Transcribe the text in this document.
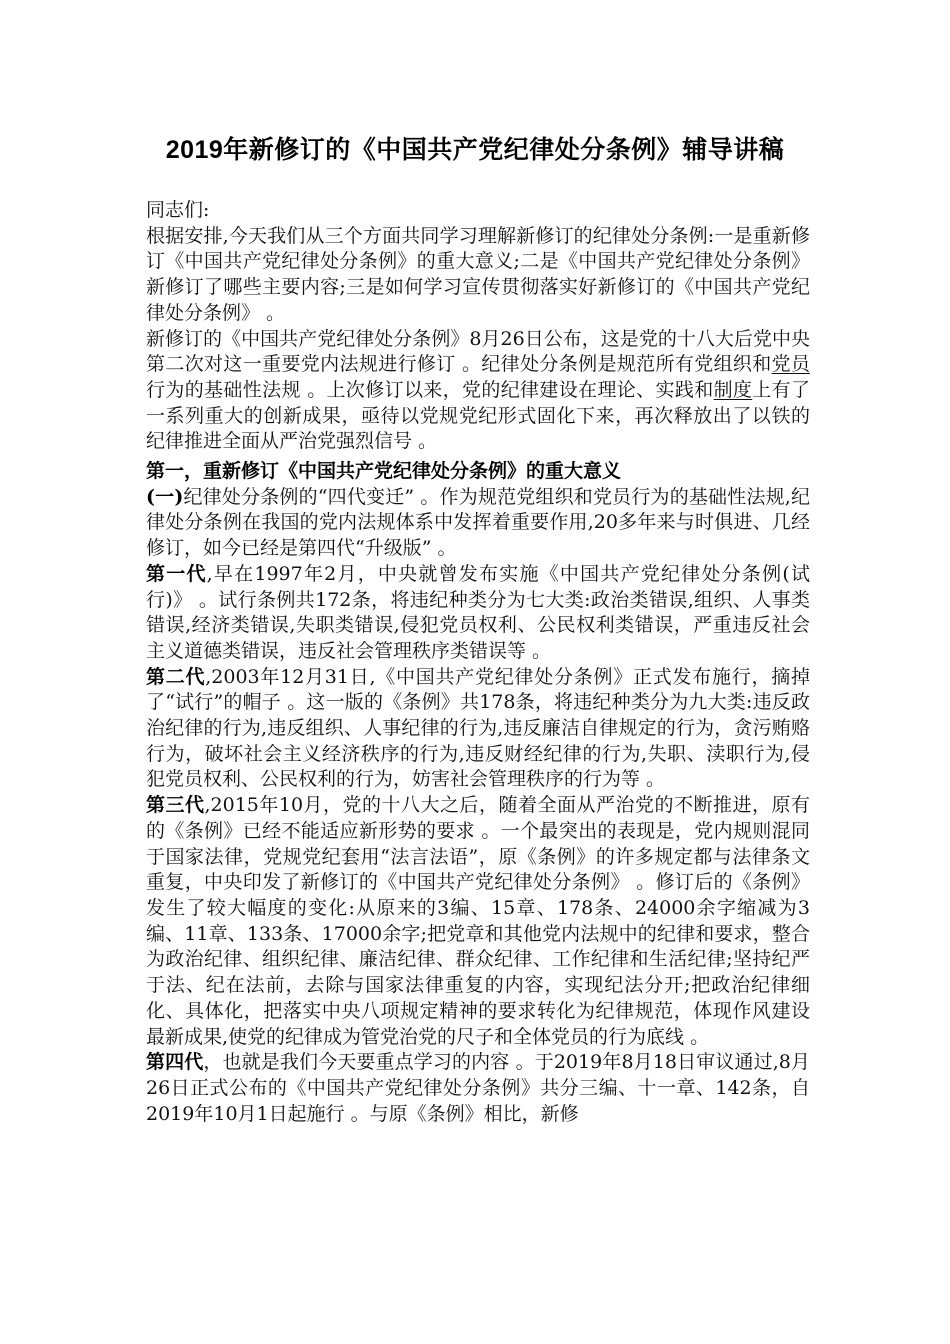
2019年新修订的《中国共产党纪律处分条例》辅导讲稿

同志们:

根据安排,今天我们从三个方面共同学习理解新修订的纪律处分条例:一是重新修订《中国共产党纪律处分条例》的重大意义;二是《中国共产党纪律处分条例》新修订了哪些主要内容;三是如何学习宣传贯彻落实好新修订的《中国共产党纪律处分条例》 。

新修订的《中国共产党纪律处分条例》8月26日公布，这是党的十八大后党中央第二次对这一重要党内法规进行修订 。纪律处分条例是规范所有党组织和党员行为的基础性法规 。上次修订以来，党的纪律建设在理论、实践和制度上有了一系列重大的创新成果，亟待以党规党纪形式固化下来，再次释放出了以铁的纪律推进全面从严治党强烈信号 。

第一，重新修订《中国共产党纪律处分条例》的重大意义

(一)纪律处分条例的“四代变迁” 。作为规范党组织和党员行为的基础性法规,纪律处分条例在我国的党内法规体系中发挥着重要作用,20多年来与时俱进、几经修订，如今已经是第四代“升级版” 。

第一代,早在1997年2月，中央就曾发布实施《中国共产党纪律处分条例(试行)》 。试行条例共172条，将违纪种类分为七大类:政治类错误,组织、人事类错误,经济类错误,失职类错误,侵犯党员权利、公民权利类错误，严重违反社会主义道德类错误，违反社会管理秩序类错误等 。

第二代,2003年12月31日,《中国共产党纪律处分条例》正式发布施行，摘掉了“试行”的帽子 。这一版的《条例》共178条，将违纪种类分为九大类:违反政治纪律的行为,违反组织、人事纪律的行为,违反廉洁自律规定的行为，贪污贿赂行为，破坏社会主义经济秩序的行为,违反财经纪律的行为,失职、渎职行为,侵犯党员权利、公民权利的行为，妨害社会管理秩序的行为等 。

第三代,2015年10月，党的十八大之后，随着全面从严治党的不断推进，原有的《条例》已经不能适应新形势的要求 。一个最突出的表现是，党内规则混同于国家法律，党规党纪套用“法言法语”，原《条例》的许多规定都与法律条文重复，中央印发了新修订的《中国共产党纪律处分条例》 。修订后的《条例》发生了较大幅度的变化:从原来的3编、15章、178条、24000余字缩减为3编、11章、133条、17000余字;把党章和其他党内法规中的纪律和要求，整合为政治纪律、组织纪律、廉洁纪律、群众纪律、工作纪律和生活纪律;坚持纪严于法、纪在法前，去除与国家法律重复的内容，实现纪法分开;把政治纪律细化、具体化，把落实中央八项规定精神的要求转化为纪律规范，体现作风建设最新成果,使党的纪律成为管党治党的尺子和全体党员的行为底线 。

第四代，也就是我们今天要重点学习的内容 。于2019年8月18日审议通过,8月26日正式公布的《中国共产党纪律处分条例》共分三编、十一章、142条，自2019年10月1日起施行 。与原《条例》相比，新修
